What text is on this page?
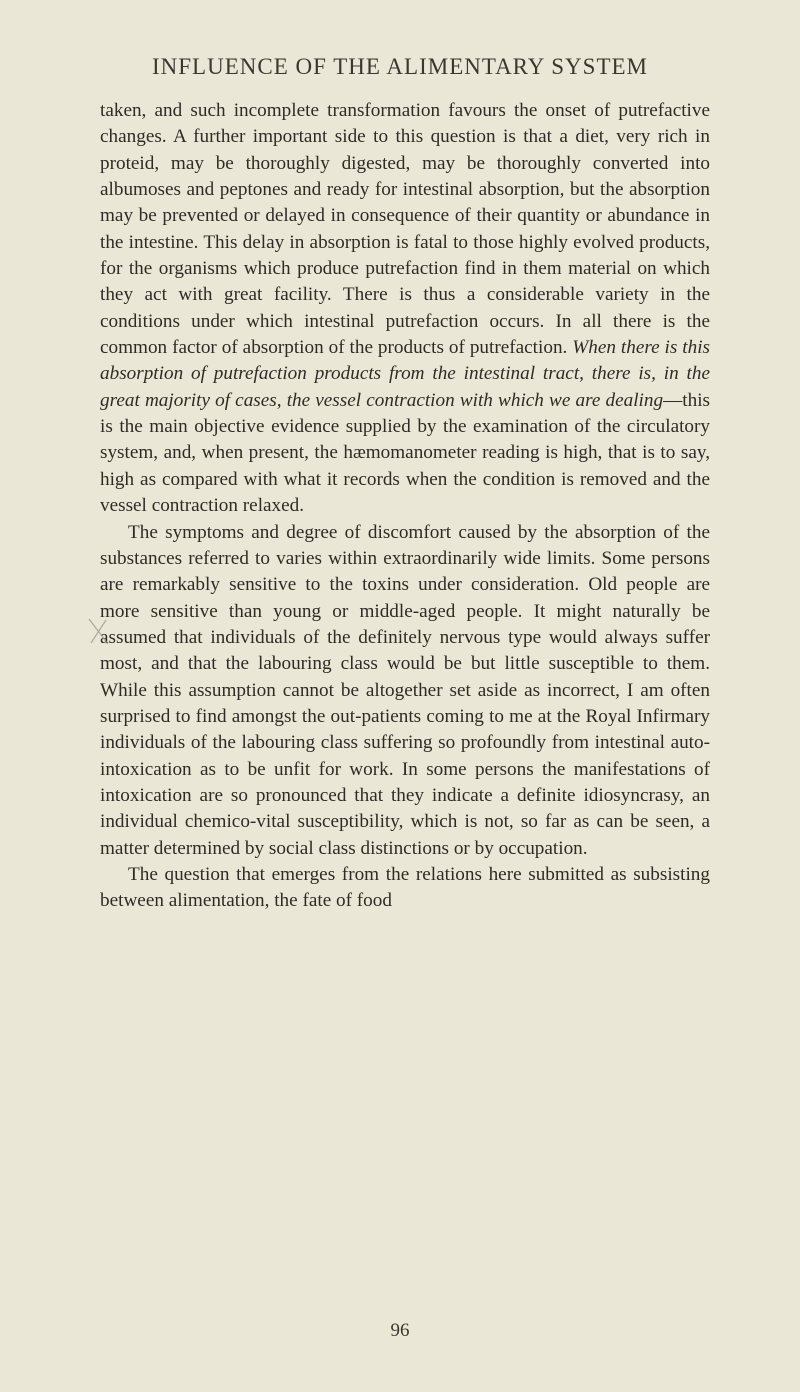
INFLUENCE OF THE ALIMENTARY SYSTEM

taken, and such incomplete transformation favours the onset of putrefactive changes. A further important side to this question is that a diet, very rich in proteid, may be thoroughly digested, may be thoroughly converted into albumoses and peptones and ready for intestinal absorption, but the absorption may be prevented or delayed in consequence of their quantity or abundance in the intestine. This delay in absorption is fatal to those highly evolved products, for the organisms which produce putrefaction find in them material on which they act with great facility. There is thus a considerable variety in the conditions under which intestinal putrefaction occurs. In all there is the common factor of absorption of the products of putrefaction. When there is this absorption of putrefaction products from the intestinal tract, there is, in the great majority of cases, the vessel contraction with which we are dealing—this is the main objective evidence supplied by the examination of the circulatory system, and, when present, the hæmomanometer reading is high, that is to say, high as compared with what it records when the condition is removed and the vessel contraction relaxed.

The symptoms and degree of discomfort caused by the absorption of the substances referred to varies within extraordinarily wide limits. Some persons are remarkably sensitive to the toxins under consideration. Old people are more sensitive than young or middle-aged people. It might naturally be assumed that individuals of the definitely nervous type would always suffer most, and that the labouring class would be but little susceptible to them. While this assumption cannot be altogether set aside as incorrect, I am often surprised to find amongst the out-patients coming to me at the Royal Infirmary individuals of the labouring class suffering so profoundly from intestinal auto-intoxication as to be unfit for work. In some persons the manifestations of intoxication are so pronounced that they indicate a definite idiosyncrasy, an individual chemico-vital susceptibility, which is not, so far as can be seen, a matter determined by social class distinctions or by occupation.

The question that emerges from the relations here submitted as subsisting between alimentation, the fate of food

96
